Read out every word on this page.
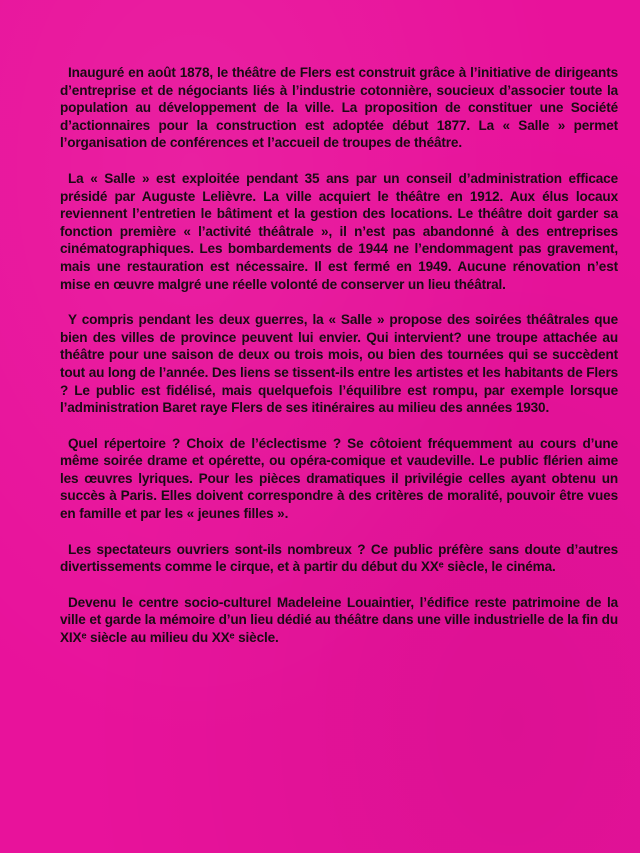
Inauguré en août 1878, le théâtre de Flers est construit grâce à l’initiative de dirigeants d’entreprise et de négociants liés à l’industrie cotonnière, soucieux d’associer toute la population au développement de la ville. La proposition de constituer une Société d’actionnaires pour la construction est adoptée début 1877. La « Salle » permet l’organisation de conférences et l’accueil de troupes de théâtre.

La « Salle » est exploitée pendant 35 ans par un conseil d’administration efficace présidé par Auguste Lelièvre. La ville acquiert le théâtre en 1912. Aux élus locaux reviennent l’entretien le bâtiment et la gestion des locations. Le théâtre doit garder sa fonction première « l’activité théâtrale », il n’est pas abandonné à des entreprises cinématographiques. Les bombardements de 1944 ne l’endommagent pas gravement, mais une restauration est nécessaire. Il est fermé en 1949. Aucune rénovation n’est mise en œuvre malgré une réelle volonté de conserver un lieu théâtral.

Y compris pendant les deux guerres, la « Salle » propose des soirées théâtrales que bien des villes de province peuvent lui envier. Qui intervient? une troupe attachée au théâtre pour une saison de deux ou trois mois, ou bien des tournées qui se succèdent tout au long de l’année. Des liens se tissent-ils entre les artistes et les habitants de Flers ? Le public est fidélisé, mais quelquefois l’équilibre est rompu, par exemple lorsque l’administration Baret raye Flers de ses itinéraires au milieu des années 1930.

Quel répertoire ? Choix de l’éclectisme ? Se côtoient fréquemment au cours d’une même soirée drame et opérette, ou opéra-comique et vaudeville. Le public flérien aime les œuvres lyriques. Pour les pièces dramatiques il privilégie celles ayant obtenu un succès à Paris. Elles doivent correspondre à des critères de moralité, pouvoir être vues en famille et par les « jeunes filles ».

Les spectateurs ouvriers sont-ils nombreux ? Ce public préfère sans doute d’autres divertissements comme le cirque, et à partir du début du XXᵉ siècle, le cinéma.

Devenu le centre socio-culturel Madeleine Louaintier, l’édifice reste patrimoine de la ville et garde la mémoire d’un lieu dédié au théâtre dans une ville industrielle de la fin du XIXᵉ siècle au milieu du XXᵉ siècle.
